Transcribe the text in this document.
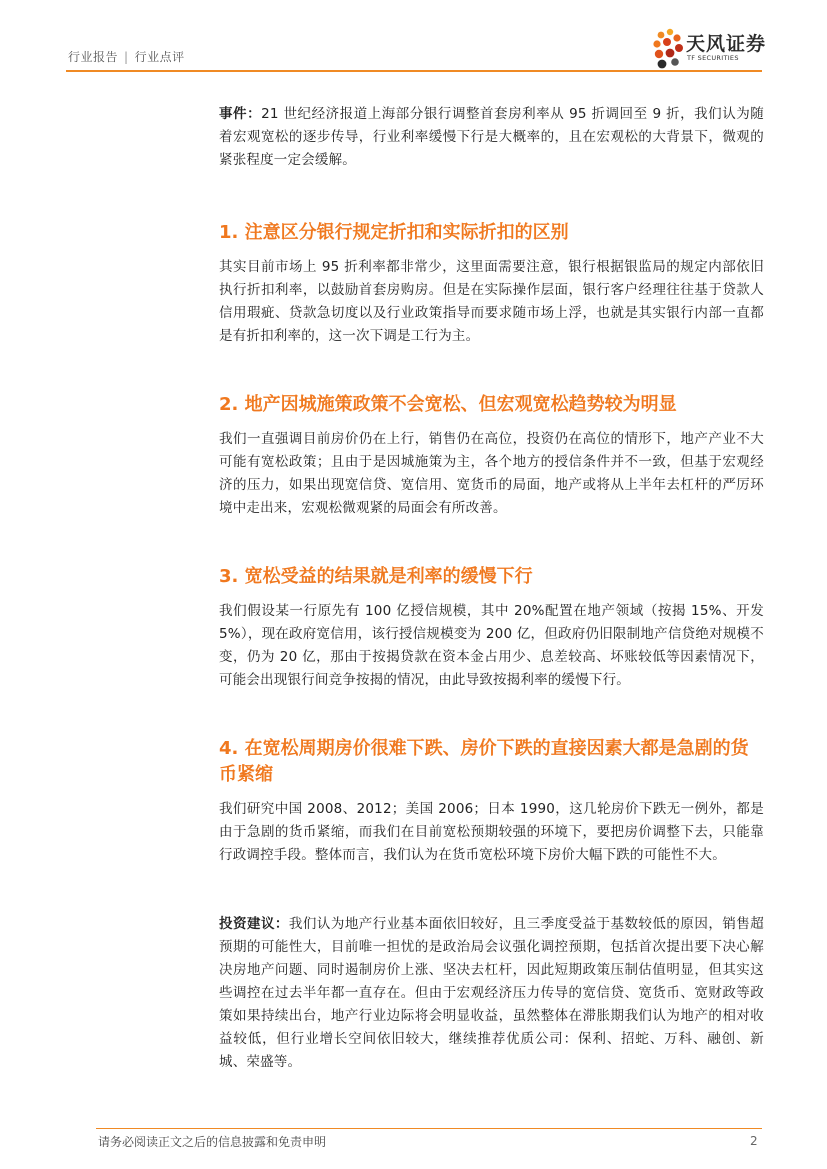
行业报告 | 行业点评
天风证券
TF SECURITIES

事件：21 世纪经济报道上海部分银行调整首套房利率从 95 折调回至 9 折，我们认为随着宏观宽松的逐步传导，行业利率缓慢下行是大概率的，且在宏观松的大背景下，微观的紧张程度一定会缓解。

1. 注意区分银行规定折扣和实际折扣的区别

其实目前市场上 95 折利率都非常少，这里面需要注意，银行根据银监局的规定内部依旧执行折扣利率，以鼓励首套房购房。但是在实际操作层面，银行客户经理往往基于贷款人信用瑕疵、贷款急切度以及行业政策指导而要求随市场上浮，也就是其实银行内部一直都是有折扣利率的，这一次下调是工行为主。

2. 地产因城施策政策不会宽松、但宏观宽松趋势较为明显

我们一直强调目前房价仍在上行，销售仍在高位，投资仍在高位的情形下，地产产业不大可能有宽松政策；且由于是因城施策为主，各个地方的授信条件并不一致，但基于宏观经济的压力，如果出现宽信贷、宽信用、宽货币的局面，地产或将从上半年去杠杆的严厉环境中走出来，宏观松微观紧的局面会有所改善。

3. 宽松受益的结果就是利率的缓慢下行

我们假设某一行原先有 100 亿授信规模，其中 20%配置在地产领域（按揭 15%、开发 5%），现在政府宽信用，该行授信规模变为 200 亿，但政府仍旧限制地产信贷绝对规模不变，仍为 20 亿，那由于按揭贷款在资本金占用少、息差较高、坏账较低等因素情况下，可能会出现银行间竞争按揭的情况，由此导致按揭利率的缓慢下行。

4. 在宽松周期房价很难下跌、房价下跌的直接因素大都是急剧的货币紧缩

我们研究中国 2008、2012；美国 2006；日本 1990，这几轮房价下跌无一例外，都是由于急剧的货币紧缩，而我们在目前宽松预期较强的环境下，要把房价调整下去，只能靠行政调控手段。整体而言，我们认为在货币宽松环境下房价大幅下跌的可能性不大。

投资建议：我们认为地产行业基本面依旧较好，且三季度受益于基数较低的原因，销售超预期的可能性大，目前唯一担忧的是政治局会议强化调控预期，包括首次提出要下决心解决房地产问题、同时遏制房价上涨、坚决去杠杆，因此短期政策压制估值明显，但其实这些调控在过去半年都一直存在。但由于宏观经济压力传导的宽信贷、宽货币、宽财政等政策如果持续出台，地产行业边际将会明显收益，虽然整体在滞胀期我们认为地产的相对收益较低，但行业增长空间依旧较大，继续推荐优质公司：保利、招蛇、万科、融创、新城、荣盛等。

请务必阅读正文之后的信息披露和免责申明	2
